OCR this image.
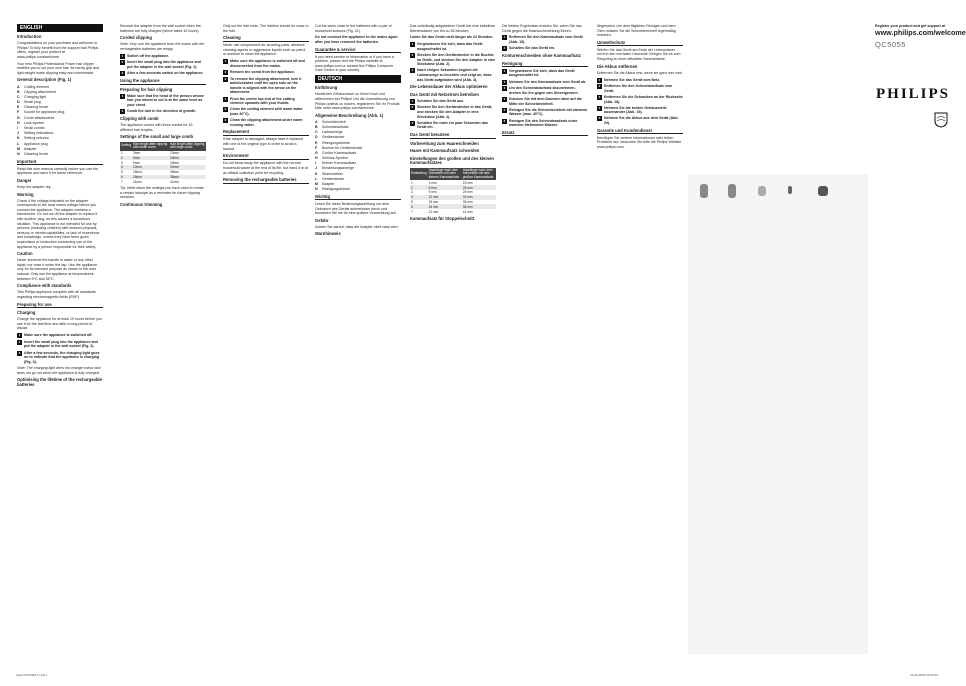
ENGLISH
Introduction

Congratulations on your purchase and welcome to Philips! To fully benefit from the support that Philips offers, register your product at www.philips.com/welcome.

Your new Philips Professional Power hair clipper enables you to cut your own hair. Its handy grip and light weight make clipping easy and comfortable.

General description (Fig. 1)
A	Cutting element
B	Clipping attachment
C	Charging light
D	Small plug
E	Cleaning brush
F	Socket for appliance plug
G	Comb attachments
H	Lock symbol
I	Small combs
J	Setting indications
K	Setting selector
L	Appliance plug
M	Adapter
N	Cleaning brush
Important

Read this user manual carefully before you use the appliance and save it for future reference.

Danger

Keep the adapter dry.

Warning

Check if the voltage indicated on the adapter corresponds to the local mains voltage before you connect the appliance. The adapter contains a transformer. Do not cut off the adapter to replace it with another plug, as this causes a hazardous situation. This appliance is not intended for use by persons (including children) with reduced physical, sensory or mental capabilities, or lack of experience and knowledge, unless they have been given supervision or instruction concerning use of the appliance by a person responsible for their safety.

Caution

Never immerse the handle in water or any other liquid, nor rinse it under the tap. Use the appliance only for its intended purpose as shown in the user manual. Only use the appliance at temperatures between 5°C and 35°C.

Compliance with standards

This Philips appliance complies with all standards regarding electromagnetic fields (EMF).

Preparing for use
Charging

Charge the appliance for at least 10 hours before you use it for the first time and after a long period of disuse.

1	Make sure the appliance is switched off.
2	Insert the small plug into the appliance and put the adapter in the wall socket (Fig. 2).
3	After a few seconds, the charging light goes on to indicate that the appliance is charging (Fig. 3).

Note: The charging light does not change colour and does not go out when the appliance is fully charged.

Optimising the lifetime of the rechargeable batteries

Remove the adapter from the wall socket when the batteries are fully charged (which takes 10 hours).

Corded clipping

Note: Only use the appliance from the mains with the rechargeable batteries are empty.

1	Switch off the appliance.
2	Insert the small plug into the appliance and put the adapter in the wall socket (Fig. 2).
3	After a few seconds switch on the appliance.
Using the appliance
Preparing for hair clipping
1	Make sure that the head of the person whose hair you intend to cut is at the same level as your chest.
2	Comb the hair in the direction of growth.
Clipping with comb

The appliance comes with three combs for 15 different hair lengths.

Settings of the small and large comb
Setting	Hair length after clipping with small comb	Hair length after clipping with large comb
1	3mm	23mm
2	6mm	26mm
3	9mm	29mm
4	12mm	32mm
5	15mm	35mm
6	18mm	38mm
7	21mm	41mm

Tip: Write down the settings you have used to create a certain hairstyle as a reminder for future clipping sessions.

Continuous trimming

Only cut the hair ends. The hairline should be close to the hair.

Cleaning

Never use compressed air, scouring pads, abrasive cleaning agents or aggressive liquids such as petrol or acetone to clean the appliance.

1	Make sure the appliance is switched off and disconnected from the mains.
2	Remove the comb from the appliance.
3	To remove the clipping attachment, turn it anticlockwise until the open side on the handle is aligned with the arrow on the attachment.
4	Push the centre top end of the cutting element upwards with your thumb.
5	Clean the cutting element with warm water (max 40°C).
6	Clean the clipping attachment under warm running water.
Replacement

If the adapter is damaged, always have it replaced with one of the original type in order to avoid a hazard.

Environment

Do not throw away the appliance with the normal household waste at the end of its life, but hand it in at an official collection point for recycling.

Removing the rechargeable batteries

Cut the wires close to the batteries with a pair of household scissors (Fig. 21).

Do not connect the appliance to the mains again after you have removed the batteries.

Guarantee & service

If you need service or information or if you have a problem, please visit the Philips website at www.philips.com or contact the Philips Consumer Care Centre in your country.

DEUTSCH
Einführung

Herzlichen Glückwunsch zu Ihrem Kauf und willkommen bei Philips! Um die Unterstützung von Philips optimal zu nutzen, registrieren Sie Ihr Produkt bitte unter www.philips.com/welcome.

Allgemeine Beschreibung (Abb. 1)
A	Schneideinheit
B	Schneideaufsatz
C	Ladeanzeige
D	Gerätestecker
E	Reinigungsbürste
F	Buchse für Gerätestecker
G	Großer Kammaufsatz
H	Schloss-Symbol
I	Kleiner Kammaufsatz
J	Einstellungsanzeige
K	Stufenwähler
L	Gerätestecker
M	Adapter
N	Reinigungsbürste
Wichtig

Lesen Sie diese Bedienungsanleitung vor dem Gebrauch des Geräts aufmerksam durch und bewahren Sie sie für eine spätere Verwendung auf.

Gefahr

Achten Sie darauf, dass der Adapter nicht nass wird.

Warnhinweis

Das vollständig aufgeladene Gerät hat eine kabellose Betriebsdauer von bis zu 35 Minuten.

Laden Sie das Gerät nicht länger als 24 Stunden.

1	Vergewissern Sie sich, dass das Gerät ausgeschaltet ist.
2	Stecken Sie den Gerätestecker in die Buchse im Gerät, und stecken Sie den Adapter in eine Steckdose (Abb. 2).
3	Nach einigen Sekunden beginnt die Ladeanzeige zu leuchten und zeigt an, dass das Gerät aufgeladen wird (Abb. 3).
Die Lebensdauer der Akkus optimieren
Das Gerät mit Netzstrom betreiben
1	Schalten Sie das Gerät aus.
2	Stecken Sie den Gerätestecker in das Gerät, und stecken Sie den Adapter in eine Steckdose (Abb. 2).
3	Schalten Sie nach ein paar Sekunden das Gerät ein.
Das Gerät benutzen
Vorbereitung zum Haareschneiden
Haare mit Kammaufsatz schneiden
Einstellungen des großen und des kleinen Kammaufsatzes
Einstellung	Haarlänge nach dem Schneiden mit dem kleinen Kammaufsatz	Haarlänge nach dem Schneiden mit dem großen Kammaufsatz
1	3 mm	23 mm
2	6 mm	26 mm
3	9 mm	29 mm
4	12 mm	32 mm
5	15 mm	35 mm
6	18 mm	38 mm
7	21 mm	41 mm
Kammaufsatz für Stoppelschnitt

Die beiden Ergebnisse erzielen Sie, wenn Sie das Gerät gegen die Haarwuchsrichtung führen.

1	Entfernen Sie den Kammaufsatz vom Gerät (Abb. 15).
2	Schalten Sie das Gerät ein.
Konturenschneiden ohne Kammaufsatz
Reinigung
1	Vergewissern Sie sich, dass das Gerät ausgeschaltet ist.
2	Nehmen Sie den Kammaufsatz vom Gerät ab.
3	Um den Schneideaufsatz abzunehmen, drehen Sie ihn gegen den Uhrzeigersinn.
4	Drücken Sie mit dem Daumen oben auf die Mitte der Schneideeinheit.
5	Reinigen Sie die Schneideeinheit mit warmem Wasser (max. 40°C).
6	Reinigen Sie den Schneideaufsatz unter warmem fließendem Wasser.
Ersatz

Abgesehen von dem täglichen Reinigen und dem Ölen müssen Sie die Schneideeinheit regelmäßig ersetzen.

Umweltschutz

Werfen Sie das Gerät am Ende der Lebensdauer nicht in den normalen Hausmüll. Bringen Sie es zum Recycling zu einer offiziellen Sammelstelle.

Die Akkus entfernen

Entfernen Sie die Akkus erst, wenn sie ganz leer sind.

1	Nehmen Sie das Gerät vom Netz.
2	Entfernen Sie den Schneideaufsatz vom Gerät.
3	Entfernen Sie die Schrauben an der Rückseite (Abb. 18).
4	Nehmen Sie die beiden Gehäuseteile auseinander (Abb. 19).
5	Nehmen Sie die Akkus aus dem Gerät (Abb. 20).
Garantie und Kundendienst

Benötigen Sie weitere Informationen oder treten Probleme auf, besuchen Sie bitte die Philips Website www.philips.com.

Register your product and get support at
www.philips.com/welcome
QC5055
PHILIPS
4222.002.8460.1.indd 1	23-05-2008 15:02:33
